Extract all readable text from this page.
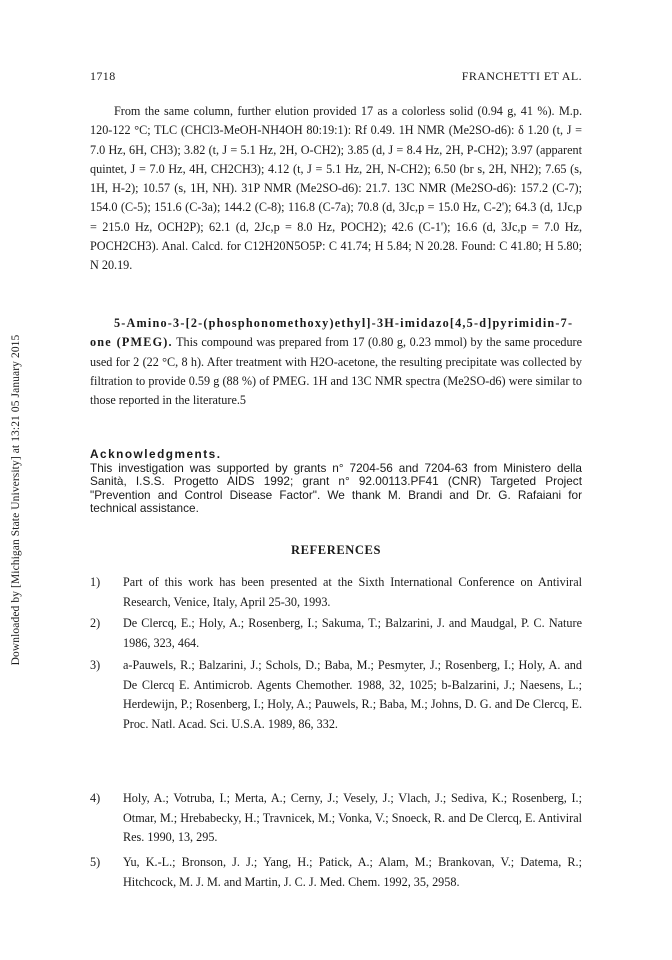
Downloaded by [Michigan State University] at 13:21 05 January 2015
1718	FRANCHETTI ET AL.

From the same column, further elution provided 17 as a colorless solid (0.94 g, 41 %). M.p. 120-122 °C; TLC (CHCl3-MeOH-NH4OH 80:19:1): Rf 0.49. 1H NMR (Me2SO-d6): δ 1.20 (t, J = 7.0 Hz, 6H, CH3); 3.82 (t, J = 5.1 Hz, 2H, O-CH2); 3.85 (d, J = 8.4 Hz, 2H, P-CH2); 3.97 (apparent quintet, J = 7.0 Hz, 4H, CH2CH3); 4.12 (t, J = 5.1 Hz, 2H, N-CH2); 6.50 (br s, 2H, NH2); 7.65 (s, 1H, H-2); 10.57 (s, 1H, NH). 31P NMR (Me2SO-d6): 21.7. 13C NMR (Me2SO-d6): 157.2 (C-7); 154.0 (C-5); 151.6 (C-3a); 144.2 (C-8); 116.8 (C-7a); 70.8 (d, 3Jc,p = 15.0 Hz, C-2'); 64.3 (d, 1Jc,p = 215.0 Hz, OCH2P); 62.1 (d, 2Jc,p = 8.0 Hz, POCH2); 42.6 (C-1'); 16.6 (d, 3Jc,p = 7.0 Hz, POCH2CH3). Anal. Calcd. for C12H20N5O5P: C 41.74; H 5.84; N 20.28. Found: C 41.80; H 5.80; N 20.19.

5-Amino-3-[2-(phosphonomethoxy)ethyl]-3H-imidazo[4,5-d]pyrimidin-7-one (PMEG). This compound was prepared from 17 (0.80 g, 0.23 mmol) by the same procedure used for 2 (22 °C, 8 h). After treatment with H2O-acetone, the resulting precipitate was collected by filtration to provide 0.59 g (88 %) of PMEG. 1H and 13C NMR spectra (Me2SO-d6) were similar to those reported in the literature.5

Acknowledgments.
This investigation was supported by grants n° 7204-56 and 7204-63 from Ministero della Sanità, I.S.S. Progetto AIDS 1992; grant n° 92.00113.PF41 (CNR) Targeted Project "Prevention and Control Disease Factor". We thank M. Brandi and Dr. G. Rafaiani for technical assistance.
REFERENCES
1)	Part of this work has been presented at the Sixth International Conference on Antiviral Research, Venice, Italy, April 25-30, 1993.
2)	De Clercq, E.; Holy, A.; Rosenberg, I.; Sakuma, T.; Balzarini, J. and Maudgal, P. C. Nature 1986, 323, 464.
3)	a-Pauwels, R.; Balzarini, J.; Schols, D.; Baba, M.; Pesmyter, J.; Rosenberg, I.; Holy, A. and De Clercq E. Antimicrob. Agents Chemother. 1988, 32, 1025; b-Balzarini, J.; Naesens, L.; Herdewijn, P.; Rosenberg, I.; Holy, A.; Pauwels, R.; Baba, M.; Johns, D. G. and De Clercq, E. Proc. Natl. Acad. Sci. U.S.A. 1989, 86, 332.
4)	Holy, A.; Votruba, I.; Merta, A.; Cerny, J.; Vesely, J.; Vlach, J.; Sediva, K.; Rosenberg, I.; Otmar, M.; Hrebabecky, H.; Travnicek, M.; Vonka, V.; Snoeck, R. and De Clercq, E. Antiviral Res. 1990, 13, 295.
5)	Yu, K.-L.; Bronson, J. J.; Yang, H.; Patick, A.; Alam, M.; Brankovan, V.; Datema, R.; Hitchcock, M. J. M. and Martin, J. C. J. Med. Chem. 1992, 35, 2958.
